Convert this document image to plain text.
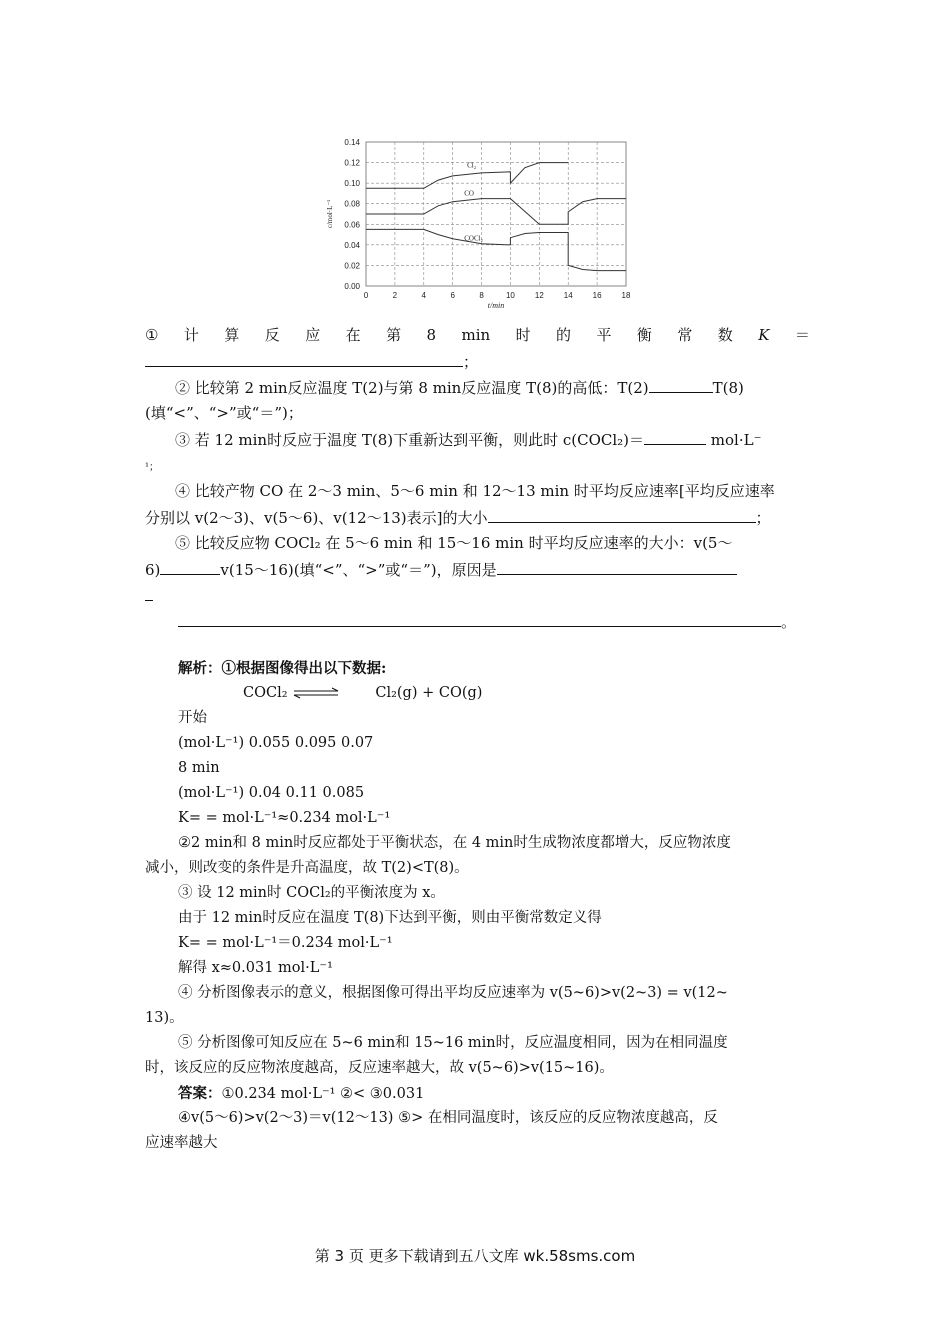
0.00
0.02
0.04
0.06
0.08
0.10
0.12
0.14
0	2	4	6	8	10 12 14 16 18
t/min
c/mol·L⁻¹
Cl₂
CO
COCl₂
① 计 算 反 应 在 第 8 min 时 的 平 衡 常 数 K ＝
；
② 比较第 2 min反应温度 T(2)与第 8 min反应温度 T(8)的高低：T(2)	T(8)
(填“<”、“>”或“＝”)；
③ 若 12 min时反应于温度 T(8)下重新达到平衡，则此时 c(COCl₂)＝	mol·L⁻
¹；
④ 比较产物 CO 在 2～3 min、5～6 min 和 12～13 min 时平均反应速率[平均反应速率
分别以 v(2～3)、v(5～6)、v(12～13)表示]的大小	；
⑤ 比较反应物 COCl₂ 在 5～6 min 和 15～16 min 时平均反应速率的大小：v(5～
6)	v(15～16)(填“<”、“>”或“＝”)，原因是
。
解析：①根据图像得出以下数据:
COCl₂ ⇌ Cl₂(g) + CO(g)
开始
(mol·L⁻¹) 0.055 0.095 0.07
8 min
(mol·L⁻¹) 0.04 0.11 0.085
K= = mol·L⁻¹≈0.234 mol·L⁻¹
②2 min和 8 min时反应都处于平衡状态，在 4 min时生成物浓度都增大，反应物浓度
减小，则改变的条件是升高温度，故 T(2)<T(8)。
③ 设 12 min时 COCl₂的平衡浓度为 x。
由于 12 min时反应在温度 T(8)下达到平衡，则由平衡常数定义得
K= = mol·L⁻¹＝0.234 mol·L⁻¹
解得 x≈0.031 mol·L⁻¹
④ 分析图像表示的意义，根据图像可得出平均反应速率为 v(5~6)>v(2~3) = v(12~
13)。
⑤ 分析图像可知反应在 5~6 min和 15~16 min时，反应温度相同，因为在相同温度
时，该反应的反应物浓度越高，反应速率越大，故 v(5~6)>v(15~16)。
答案：①0.234 mol·L⁻¹ ②< ③0.031
④v(5～6)>v(2～3)＝v(12～13) ⑤> 在相同温度时，该反应的反应物浓度越高，反
应速率越大
第 3 页 更多下载请到五八文库 wk.58sms.com
